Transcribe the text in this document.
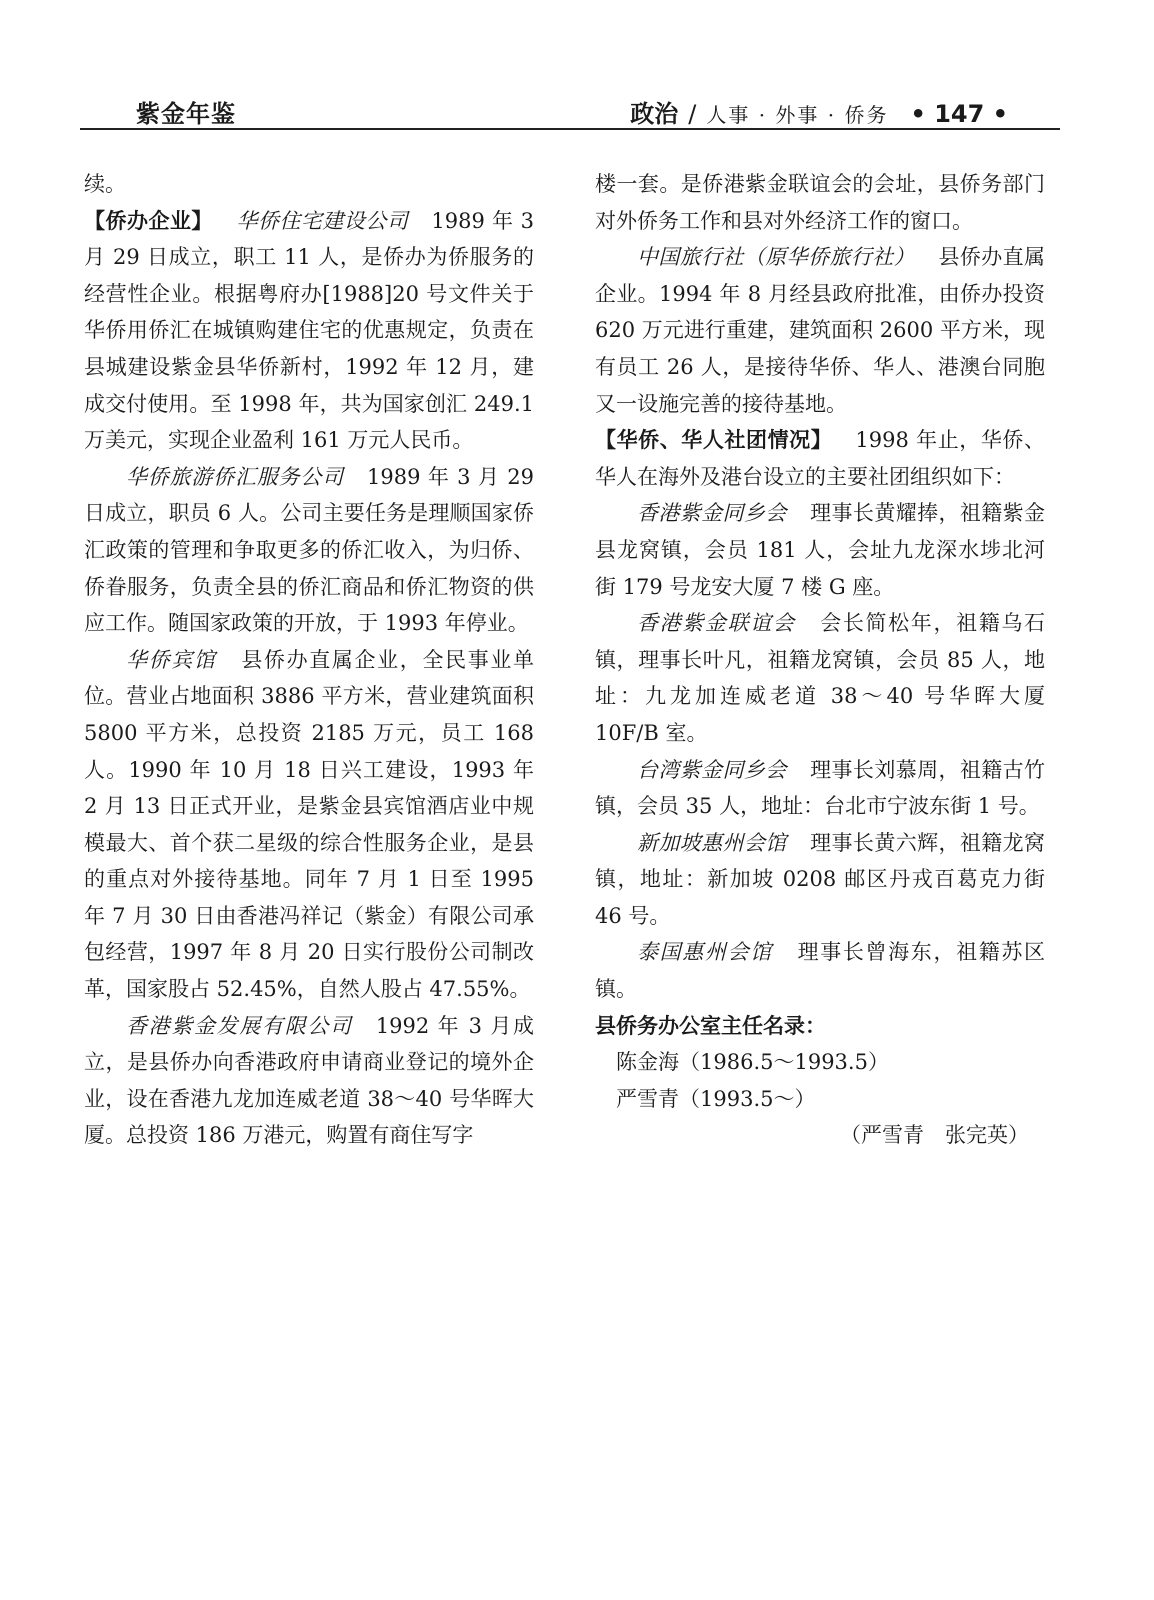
紫金年鉴	政治 / 人事 · 外事 · 侨务 • 147 •

续。

【侨办企业】 华侨住宅建设公司 1989 年 3 月 29 日成立，职工 11 人，是侨办为侨服务的经营性企业。根据粤府办[1988]20 号文件关于华侨用侨汇在城镇购建住宅的优惠规定，负责在县城建设紫金县华侨新村，1992 年 12 月，建成交付使用。至 1998 年，共为国家创汇 249.1 万美元，实现企业盈利 161 万元人民币。

华侨旅游侨汇服务公司 1989 年 3 月 29 日成立，职员 6 人。公司主要任务是理顺国家侨汇政策的管理和争取更多的侨汇收入，为归侨、侨眷服务，负责全县的侨汇商品和侨汇物资的供应工作。随国家政策的开放，于 1993 年停业。

华侨宾馆 县侨办直属企业，全民事业单位。营业占地面积 3886 平方米，营业建筑面积 5800 平方米，总投资 2185 万元，员工 168 人。1990 年 10 月 18 日兴工建设，1993 年 2 月 13 日正式开业，是紫金县宾馆酒店业中规模最大、首个获二星级的综合性服务企业，是县的重点对外接待基地。同年 7 月 1 日至 1995 年 7 月 30 日由香港冯祥记（紫金）有限公司承包经营，1997 年 8 月 20 日实行股份公司制改革，国家股占 52.45%，自然人股占 47.55%。

香港紫金发展有限公司 1992 年 3 月成立，是县侨办向香港政府申请商业登记的境外企业，设在香港九龙加连威老道 38～40 号华晖大厦。总投资 186 万港元，购置有商住写字

楼一套。是侨港紫金联谊会的会址，县侨务部门对外侨务工作和县对外经济工作的窗口。

中国旅行社（原华侨旅行社） 县侨办直属企业。1994 年 8 月经县政府批准，由侨办投资 620 万元进行重建，建筑面积 2600 平方米，现有员工 26 人，是接待华侨、华人、港澳台同胞又一设施完善的接待基地。

【华侨、华人社团情况】 1998 年止，华侨、华人在海外及港台设立的主要社团组织如下：

香港紫金同乡会 理事长黄耀捧，祖籍紫金县龙窝镇，会员 181 人，会址九龙深水埗北河街 179 号龙安大厦 7 楼 G 座。

香港紫金联谊会 会长简松年，祖籍乌石镇，理事长叶凡，祖籍龙窝镇，会员 85 人，地址：九龙加连威老道 38～40 号华晖大厦 10F/B 室。

台湾紫金同乡会 理事长刘慕周，祖籍古竹镇，会员 35 人，地址：台北市宁波东街 1 号。

新加坡惠州会馆 理事长黄六辉，祖籍龙窝镇，地址：新加坡 0208 邮区丹戎百葛克力街 46 号。

泰国惠州会馆 理事长曾海东，祖籍苏区镇。

县侨务办公室主任名录：

陈金海（1986.5～1993.5）

严雪青（1993.5～）

（严雪青　张完英）
